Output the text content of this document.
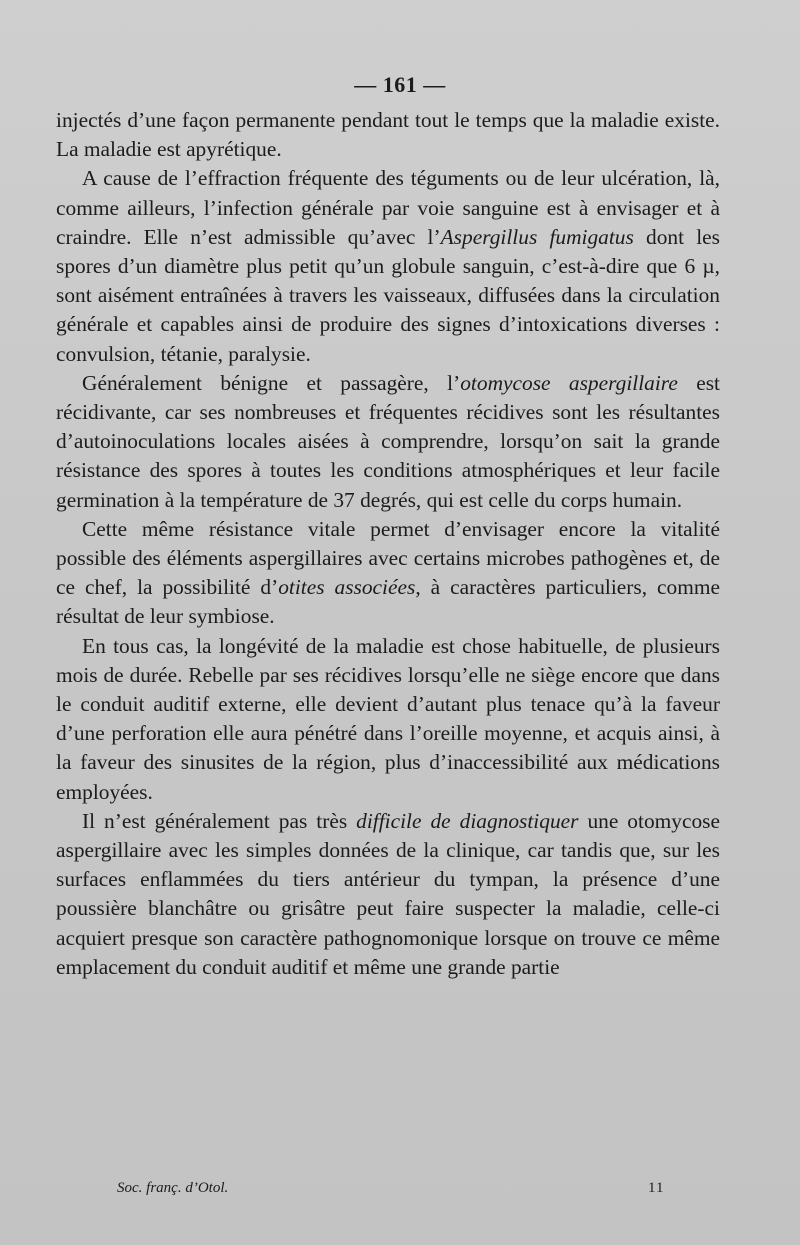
— 161 —

injectés d’une façon permanente pendant tout le temps que la maladie existe. La maladie est apyrétique.

A cause de l’effraction fréquente des téguments ou de leur ulcération, là, comme ailleurs, l’infection générale par voie sanguine est à envisager et à craindre. Elle n’est admissible qu’avec l’Aspergillus fumigatus dont les spores d’un diamètre plus petit qu’un globule sanguin, c’est-à-dire que 6 µ, sont aisément entraînées à travers les vaisseaux, diffusées dans la circulation générale et capables ainsi de produire des signes d’intoxications diverses : convulsion, tétanie, paralysie.

Généralement bénigne et passagère, l’otomycose aspergillaire est récidivante, car ses nombreuses et fréquentes récidives sont les résultantes d’autoinoculations locales aisées à comprendre, lorsqu’on sait la grande résistance des spores à toutes les conditions atmosphériques et leur facile germination à la température de 37 degrés, qui est celle du corps humain.

Cette même résistance vitale permet d’envisager encore la vitalité possible des éléments aspergillaires avec certains microbes pathogènes et, de ce chef, la possibilité d’otites associées, à caractères particuliers, comme résultat de leur symbiose.

En tous cas, la longévité de la maladie est chose habituelle, de plusieurs mois de durée. Rebelle par ses récidives lorsqu’elle ne siège encore que dans le conduit auditif externe, elle devient d’autant plus tenace qu’à la faveur d’une perforation elle aura pénétré dans l’oreille moyenne, et acquis ainsi, à la faveur des sinusites de la région, plus d’inaccessibilité aux médications employées.

Il n’est généralement pas très difficile de diagnostiquer une otomycose aspergillaire avec les simples données de la clinique, car tandis que, sur les surfaces enflammées du tiers antérieur du tympan, la présence d’une poussière blanchâtre ou grisâtre peut faire suspecter la maladie, celle-ci acquiert presque son caractère pathognomonique lorsque on trouve ce même emplacement du conduit auditif et même une grande partie

Soc. franç. d’Otol.	11
